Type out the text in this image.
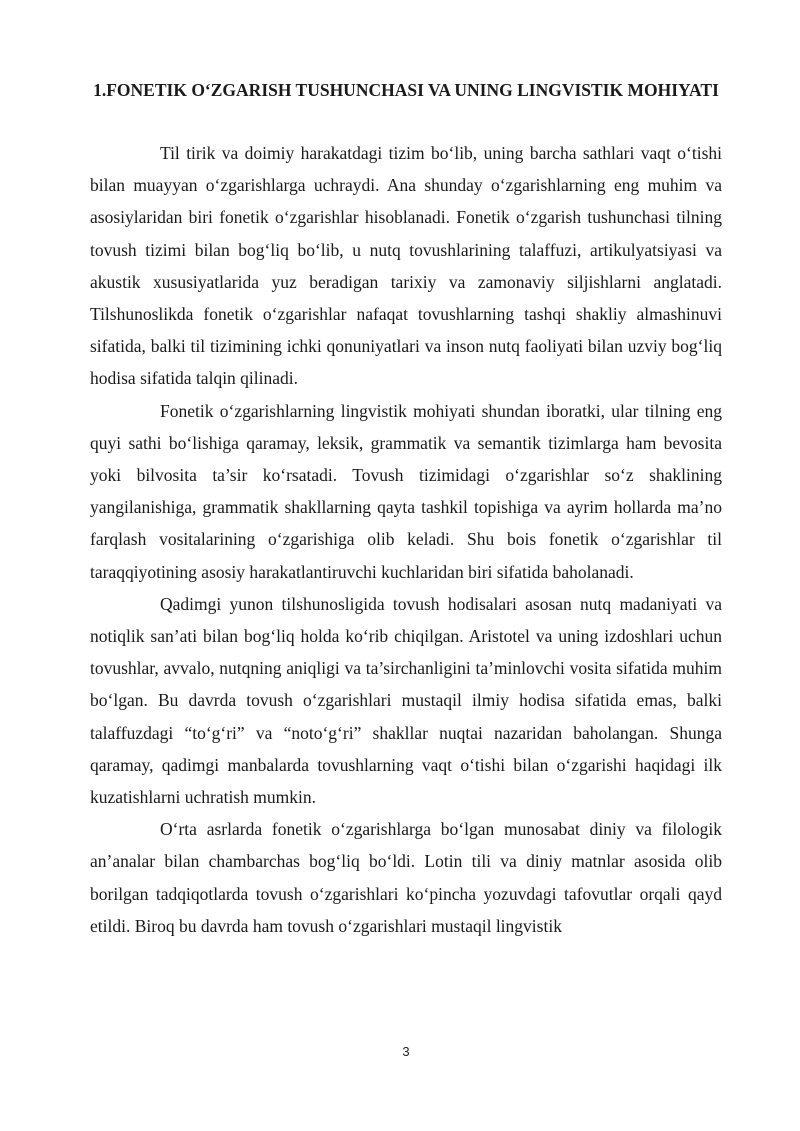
1.FONETIK O‘ZGARISH TUSHUNCHASI VA UNING LINGVISTIK MOHIYATI

Til tirik va doimiy harakatdagi tizim bo‘lib, uning barcha sathlari vaqt o‘tishi bilan muayyan o‘zgarishlarga uchraydi. Ana shunday o‘zgarishlarning eng muhim va asosiylaridan biri fonetik o‘zgarishlar hisoblanadi. Fonetik o‘zgarish tushunchasi tilning tovush tizimi bilan bog‘liq bo‘lib, u nutq tovushlarining talaffuzi, artikulyatsiyasi va akustik xususiyatlarida yuz beradigan tarixiy va zamonaviy siljishlarni anglatadi. Tilshunoslikda fonetik o‘zgarishlar nafaqat tovushlarning tashqi shakliy almashinuvi sifatida, balki til tizimining ichki qonuniyatlari va inson nutq faoliyati bilan uzviy bog‘liq hodisa sifatida talqin qilinadi.

Fonetik o‘zgarishlarning lingvistik mohiyati shundan iboratki, ular tilning eng quyi sathi bo‘lishiga qaramay, leksik, grammatik va semantik tizimlarga ham bevosita yoki bilvosita ta’sir ko‘rsatadi. Tovush tizimidagi o‘zgarishlar so‘z shaklining yangilanishiga, grammatik shakllarning qayta tashkil topishiga va ayrim hollarda ma’no farqlash vositalarining o‘zgarishiga olib keladi. Shu bois fonetik o‘zgarishlar til taraqqiyotining asosiy harakatlantiruvchi kuchlaridan biri sifatida baholanadi.

Qadimgi yunon tilshunosligida tovush hodisalari asosan nutq madaniyati va notiqlik san’ati bilan bog‘liq holda ko‘rib chiqilgan. Aristotel va uning izdoshlari uchun tovushlar, avvalo, nutqning aniqligi va ta’sirchanligini ta’minlovchi vosita sifatida muhim bo‘lgan. Bu davrda tovush o‘zgarishlari mustaqil ilmiy hodisa sifatida emas, balki talaffuzdagi “to‘g‘ri” va “noto‘g‘ri” shakllar nuqtai nazaridan baholangan. Shunga qaramay, qadimgi manbalarda tovushlarning vaqt o‘tishi bilan o‘zgarishi haqidagi ilk kuzatishlarni uchratish mumkin.

O‘rta asrlarda fonetik o‘zgarishlarga bo‘lgan munosabat diniy va filologik an’analar bilan chambarchas bog‘liq bo‘ldi. Lotin tili va diniy matnlar asosida olib borilgan tadqiqotlarda tovush o‘zgarishlari ko‘pincha yozuvdagi tafovutlar orqali qayd etildi. Biroq bu davrda ham tovush o‘zgarishlari mustaqil lingvistik

3
